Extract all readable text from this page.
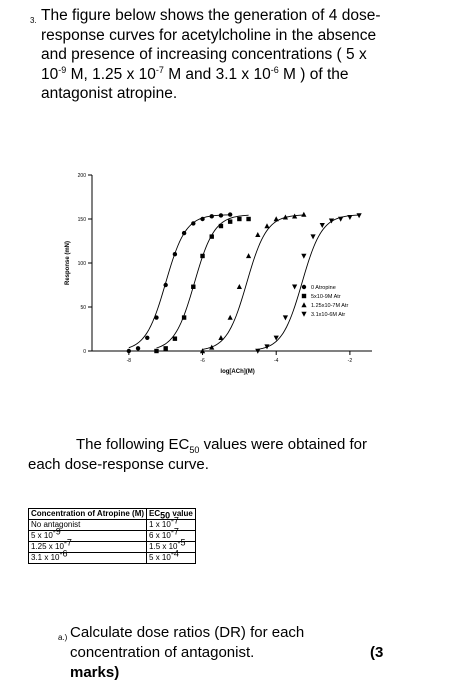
3. The figure below shows the generation of 4 dose-
response curves for acetylcholine in the absence
and presence of increasing concentrations ( 5 x
$10^{-9}$ M, 1.25 x $10^{-7}$ M and 3.1 x $10^{-6}$ M ) of the
antagonist atropine.
200
150
100
50
0
-8	-6	-4	-2
log[ACh](M)
Response (mN)
0 Atropine
5x10-9M Atr
1.25x10-7M Atr
3.1x10-6M Atr
The following $EC_{50}$ values were obtained for
each dose-response curve.
Concentration of Atropine (M)	$EC_{50}$ value
No antagonist	1 x $10^{-7}$
5 x $10^{-9}$	6 x $10^{-7}$
1.25 x $10^{-7}$	1.5 x $10^{-5}$
3.1 x $10^{-6}$	5 x $10^{-4}$
a.) Calculate dose ratios (DR) for each
concentration of antagonist.
marks)
(3
